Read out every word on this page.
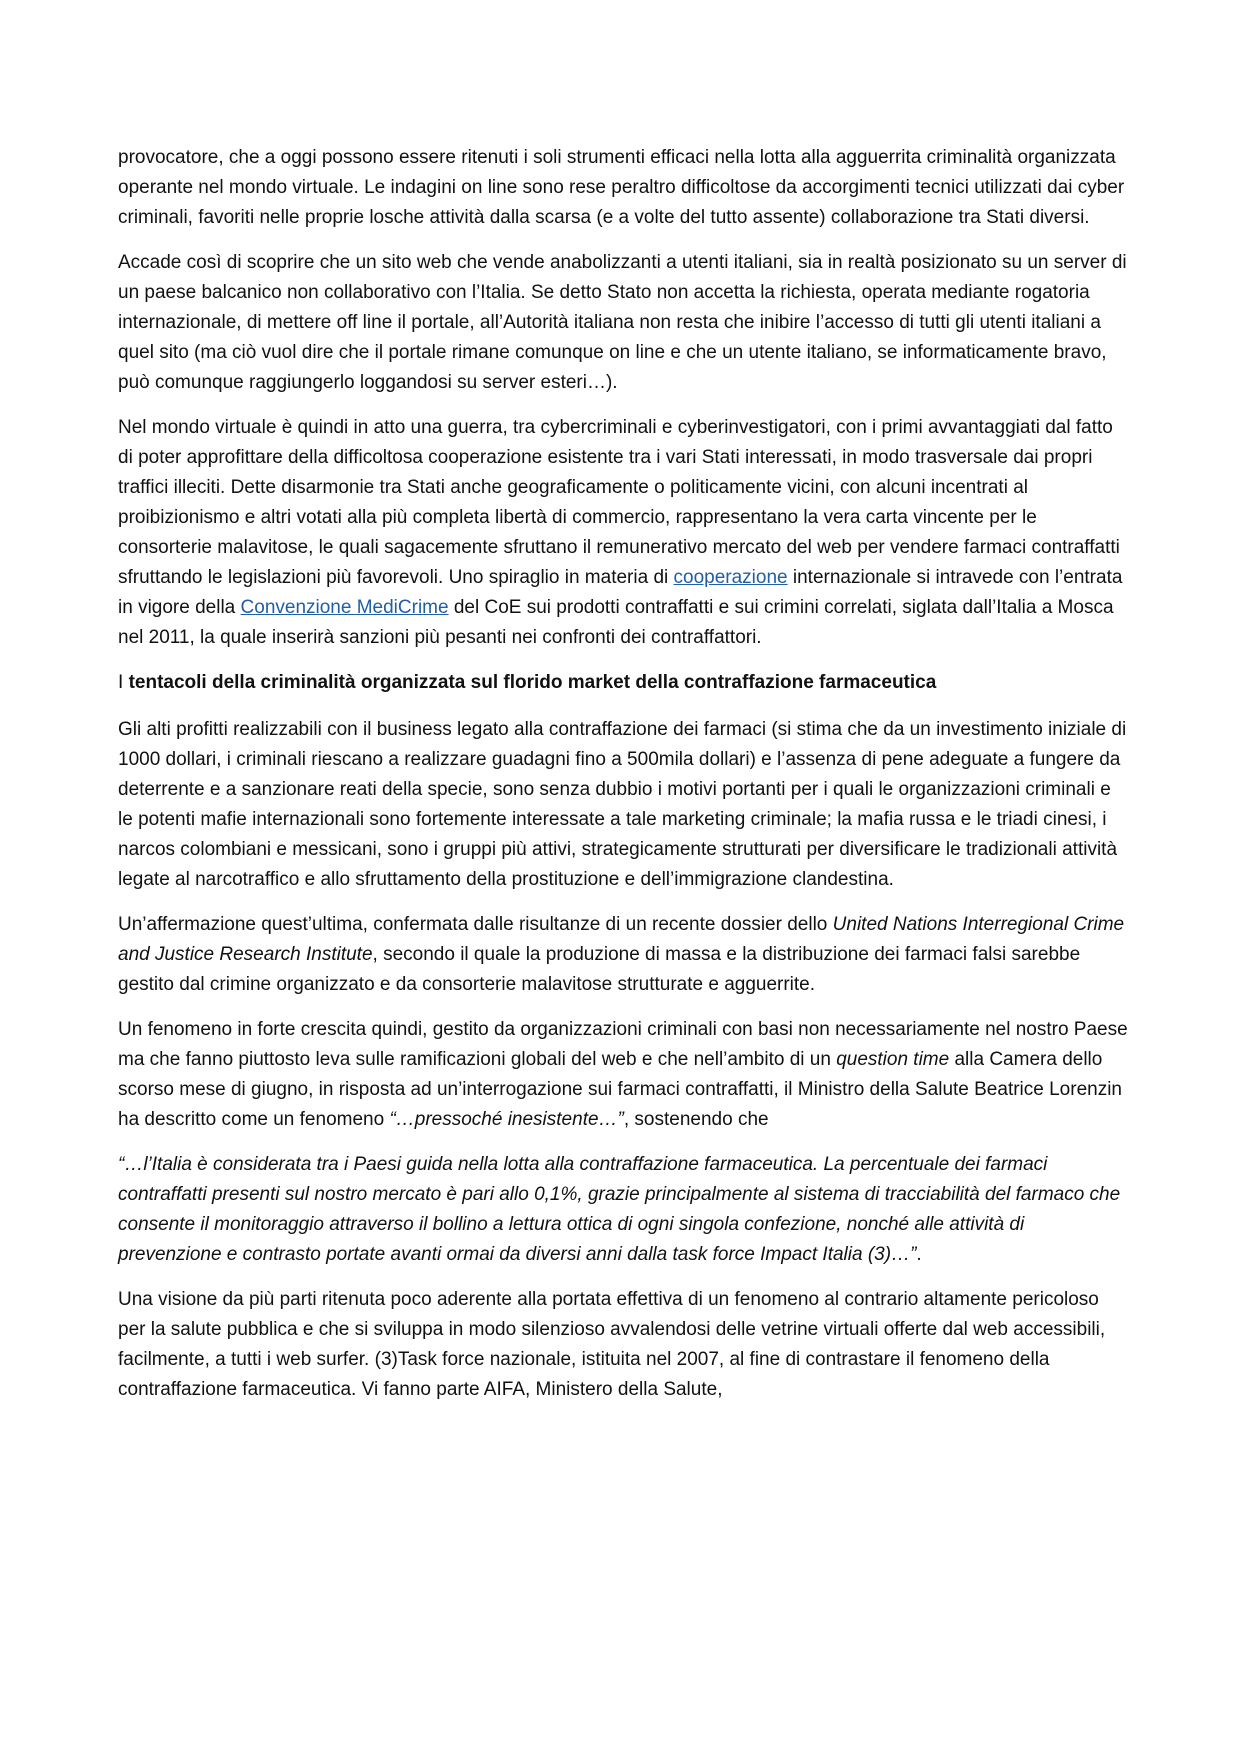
provocatore, che a oggi possono essere ritenuti i soli strumenti efficaci nella lotta alla agguerrita criminalità organizzata operante nel mondo virtuale. Le indagini on line sono rese peraltro difficoltose da accorgimenti tecnici utilizzati dai cyber criminali, favoriti nelle proprie losche attività dalla scarsa (e a volte del tutto assente) collaborazione tra Stati diversi.

Accade così di scoprire che un sito web che vende anabolizzanti a utenti italiani, sia in realtà posizionato su un server di un paese balcanico non collaborativo con l’Italia. Se detto Stato non accetta la richiesta, operata mediante rogatoria internazionale, di mettere off line il portale, all’Autorità italiana non resta che inibire l’accesso di tutti gli utenti italiani a quel sito (ma ciò vuol dire che il portale rimane comunque on line e che un utente italiano, se informaticamente bravo, può comunque raggiungerlo loggandosi su server esteri…).

Nel mondo virtuale è quindi in atto una guerra, tra cybercriminali e cyberinvestigatori, con i primi avvantaggiati dal fatto di poter approfittare della difficoltosa cooperazione esistente tra i vari Stati interessati, in modo trasversale dai propri traffici illeciti. Dette disarmonie tra Stati anche geograficamente o politicamente vicini, con alcuni incentrati al proibizionismo e altri votati alla più completa libertà di commercio, rappresentano la vera carta vincente per le consorterie malavitose, le quali sagacemente sfruttano il remunerativo mercato del web per vendere farmaci contraffatti sfruttando le legislazioni più favorevoli. Uno spiraglio in materia di cooperazione internazionale si intravede con l’entrata in vigore della Convenzione MediCrime del CoE sui prodotti contraffatti e sui crimini correlati, siglata dall’Italia a Mosca nel 2011, la quale inserirà sanzioni più pesanti nei confronti dei contraffattori.

I tentacoli della criminalità organizzata sul florido market della contraffazione farmaceutica

Gli alti profitti realizzabili con il business legato alla contraffazione dei farmaci (si stima che da un investimento iniziale di 1000 dollari, i criminali riescano a realizzare guadagni fino a 500mila dollari) e l’assenza di pene adeguate a fungere da deterrente e a sanzionare reati della specie, sono senza dubbio i motivi portanti per i quali le organizzazioni criminali e le potenti mafie internazionali sono fortemente interessate a tale marketing criminale; la mafia russa e le triadi cinesi, i narcos colombiani e messicani, sono i gruppi più attivi, strategicamente strutturati per diversificare le tradizionali attività legate al narcotraffico e allo sfruttamento della prostituzione e dell’immigrazione clandestina.

Un’affermazione quest’ultima, confermata dalle risultanze di un recente dossier dello United Nations Interregional Crime and Justice Research Institute, secondo il quale la produzione di massa e la distribuzione dei farmaci falsi sarebbe gestito dal crimine organizzato e da consorterie malavitose strutturate e agguerrite.

Un fenomeno in forte crescita quindi, gestito da organizzazioni criminali con basi non necessariamente nel nostro Paese ma che fanno piuttosto leva sulle ramificazioni globali del web e che nell’ambito di un question time alla Camera dello scorso mese di giugno, in risposta ad un’interrogazione sui farmaci contraffatti, il Ministro della Salute Beatrice Lorenzin ha descritto come un fenomeno “…pressoché inesistente…”, sostenendo che

“…l’Italia è considerata tra i Paesi guida nella lotta alla contraffazione farmaceutica. La percentuale dei farmaci contraffatti presenti sul nostro mercato è pari allo 0,1%, grazie principalmente al sistema di tracciabilità del farmaco che consente il monitoraggio attraverso il bollino a lettura ottica di ogni singola confezione, nonché alle attività di prevenzione e contrasto portate avanti ormai da diversi anni dalla task force Impact Italia (3)…”.

Una visione da più parti ritenuta poco aderente alla portata effettiva di un fenomeno al contrario altamente pericoloso per la salute pubblica e che si sviluppa in modo silenzioso avvalendosi delle vetrine virtuali offerte dal web accessibili, facilmente, a tutti i web surfer. (3)Task force nazionale, istituita nel 2007, al fine di contrastare il fenomeno della contraffazione farmaceutica. Vi fanno parte AIFA, Ministero della Salute,
